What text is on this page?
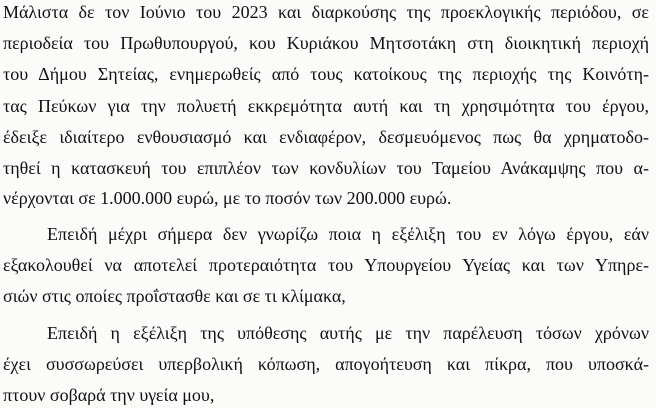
Μάλιστα δε τον Ιούνιο του 2023 και διαρκούσης της προεκλογικής περιόδου, σε
περιοδεία του Πρωθυπουργού, κου Κυριάκου Μητσοτάκη στη διοικητική περιοχή
του Δήμου Σητείας, ενημερωθείς από τους κατοίκους της περιοχής της Κοινότη-
τας Πεύκων για την πολυετή εκκρεμότητα αυτή και τη χρησιμότητα του έργου,
έδειξε ιδιαίτερο ενθουσιασμό και ενδιαφέρον, δεσμευόμενος πως θα χρηματοδο-
τηθεί η κατασκευή του επιπλέον των κονδυλίων του Ταμείου Ανάκαμψης που α-
νέρχονται σε 1.000.000 ευρώ, με το ποσόν των 200.000 ευρώ.
Επειδή μέχρι σήμερα δεν γνωρίζω ποια η εξέλιξη του εν λόγω έργου, εάν
εξακολουθεί να αποτελεί προτεραιότητα του Υπουργείου Υγείας και των Υπηρε-
σιών στις οποίες προΐστασθε και σε τι κλίμακα,
Επειδή η εξέλιξη της υπόθεσης αυτής με την παρέλευση τόσων χρόνων
έχει συσσωρεύσει υπερβολική κόπωση, απογοήτευση και πίκρα, που υποσκά-
πτουν σοβαρά την υγεία μου,
